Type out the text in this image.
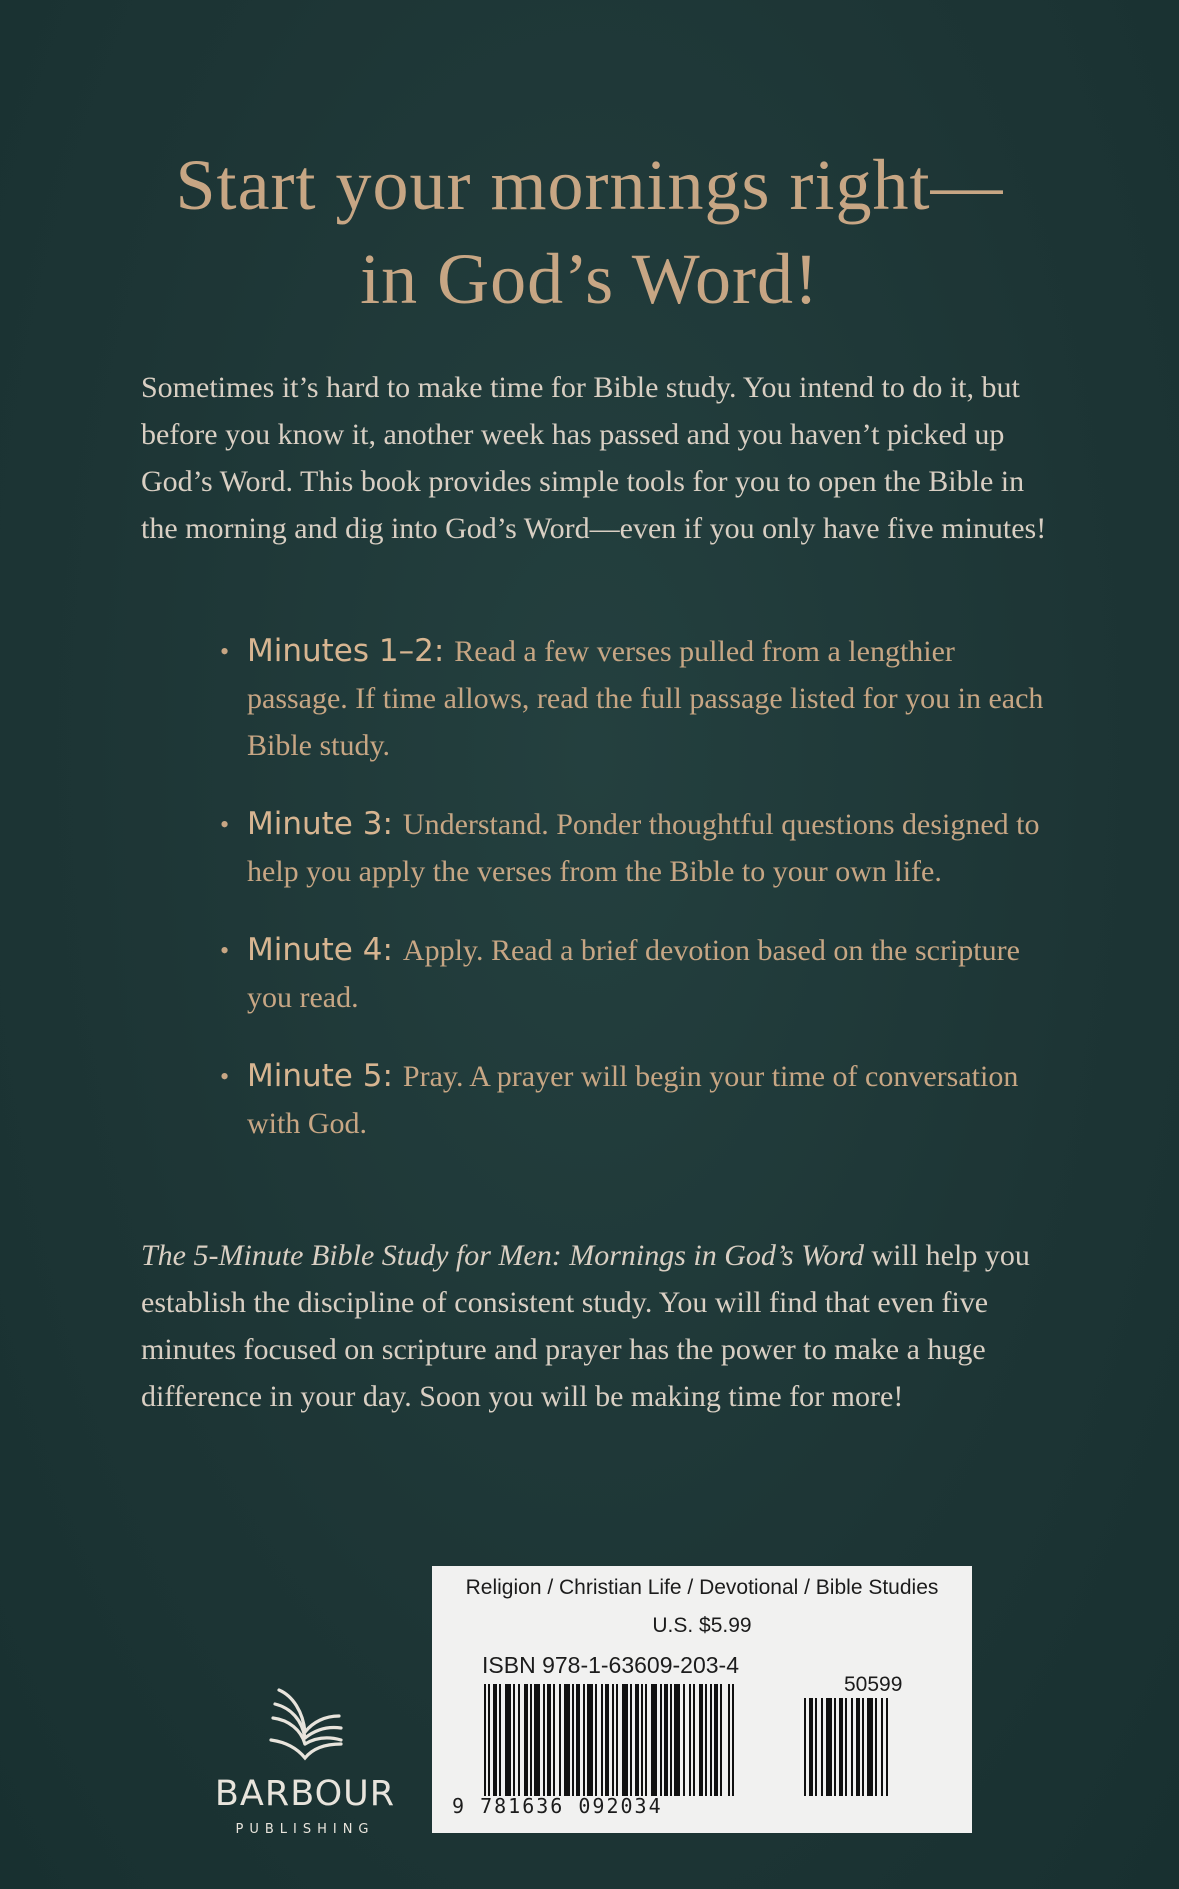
Start your mornings right—
in God’s Word!

Sometimes it’s hard to make time for Bible study. You intend to do it, but before you know it, another week has passed and you haven’t picked up God’s Word. This book provides simple tools for you to open the Bible in the morning and dig into God’s Word—even if you only have five minutes!

• Minutes 1–2: Read a few verses pulled from a lengthier passage. If time allows, read the full passage listed for you in each Bible study.
• Minute 3: Understand. Ponder thoughtful questions designed to help you apply the verses from the Bible to your own life.
• Minute 4: Apply. Read a brief devotion based on the scripture you read.
• Minute 5: Pray. A prayer will begin your time of conversation with God.

The 5-Minute Bible Study for Men: Mornings in God’s Word will help you establish the discipline of consistent study. You will find that even five minutes focused on scripture and prayer has the power to make a huge difference in your day. Soon you will be making time for more!

BARBOUR
PUBLISHING
Religion / Christian Life / Devotional / Bible Studies
U.S. $5.99
ISBN 978-1-63609-203-4
50599
9 781636 092034
